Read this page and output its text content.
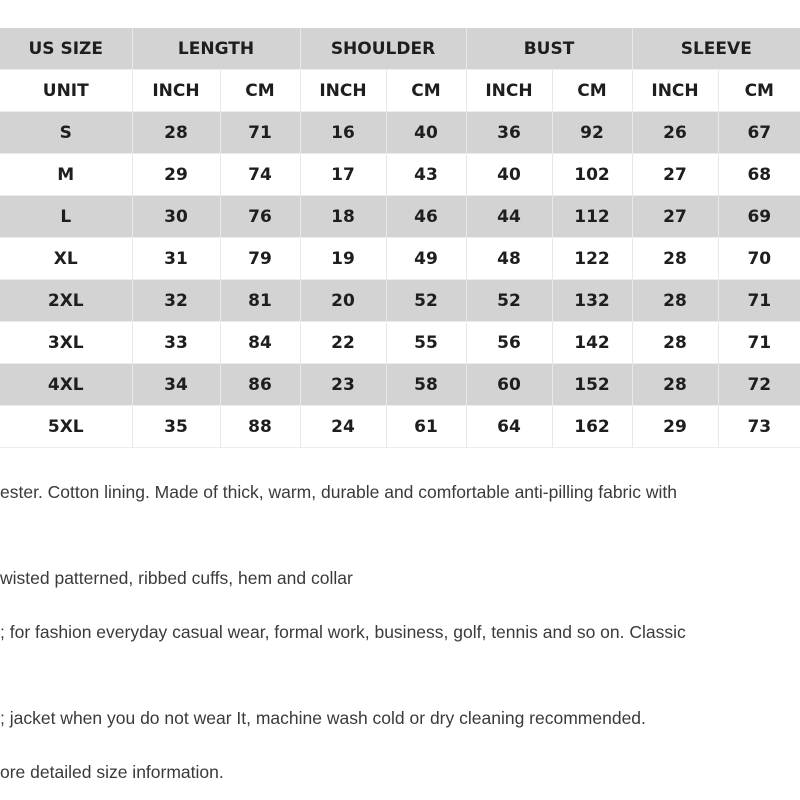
US SIZE	LENGTH		SHOULDER		BUST		SLEEVE	
UNIT	INCH	CM	INCH	CM	INCH	CM	INCH	CM
S	28	71	16	40	36	92	26	67
M	29	74	17	43	40	102	27	68
L	30	76	18	46	44	112	27	69
XL	31	79	19	49	48	122	28	70
2XL	32	81	20	52	52	132	28	71
3XL	33	84	22	55	56	142	28	71
4XL	34	86	23	58	60	152	28	72
5XL	35	88	24	61	64	162	29	73

ester. Cotton lining. Made of thick, warm, durable and comfortable anti-pilling fabric with

wisted patterned, ribbed cuffs, hem and collar

; for fashion everyday casual wear, formal work, business, golf, tennis and so on. Classic

; jacket when you do not wear It, machine wash cold or dry cleaning recommended.

ore detailed size information.
